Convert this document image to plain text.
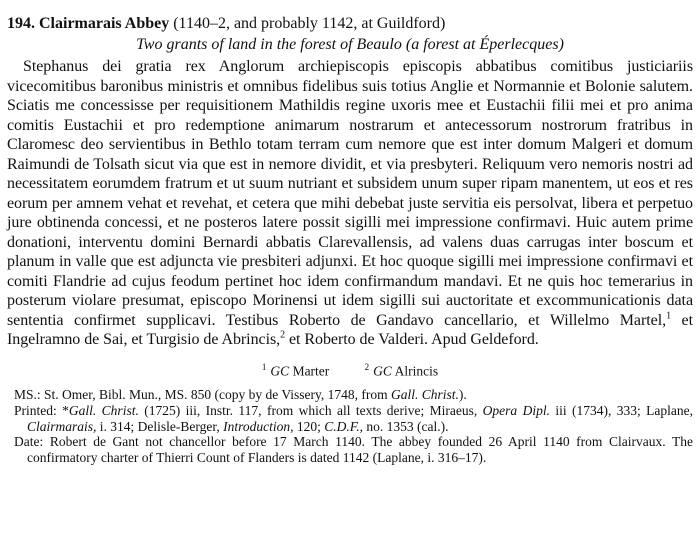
194. Clairmarais Abbey (1140–2, and probably 1142, at Guildford)

Two grants of land in the forest of Beaulo (a forest at Éperlecques)

Stephanus dei gratia rex Anglorum archiepiscopis episcopis abbatibus comitibus justiciariis vicecomitibus baronibus ministris et omnibus fidelibus suis totius Anglie et Normannie et Bolonie salutem. Sciatis me concessisse per requisitionem Mathildis regine uxoris mee et Eustachii filii mei et pro anima comitis Eustachii et pro redemptione animarum nostrarum et antecessorum nostrorum fratribus in Claromesc deo servientibus in Bethlo totam terram cum nemore que est inter domum Malgeri et domum Raimundi de Tolsath sicut via que est in nemore dividit, et via presbyteri. Reliquum vero nemoris nostri ad necessitatem eorumdem fratrum et ut suum nutriant et subsidem unum super ripam manentem, ut eos et res eorum per amnem vehat et revehat, et cetera que mihi debebat juste servitia eis persolvat, libera et perpetuo jure obtinenda concessi, et ne posteros latere possit sigilli mei impressione confirmavi. Huic autem prime donationi, interventu domini Bernardi abbatis Clarevallensis, ad valens duas carrugas inter boscum et planum in valle que est adjuncta vie presbiteri adjunxi. Et hoc quoque sigilli mei impressione confirmavi et comiti Flandrie ad cujus feodum pertinet hoc idem confirmandum mandavi. Et ne quis hoc temerarius in posterum violare presumat, episcopo Morinensi ut idem sigilli sui auctoritate et excommunicationis data sententia confirmet supplicavi. Testibus Roberto de Gandavo cancellario, et Willelmo Martel,$^1$ et Ingelramno de Sai, et Turgisio de Abrincis,$^2$ et Roberto de Valderi. Apud Geldeford.

$^1$ GC Marter	$^2$ GC Alrincis

MS.: St. Omer, Bibl. Mun., MS. 850 (copy by de Vissery, 1748, from Gall. Christ.).

Printed: *Gall. Christ. (1725) iii, Instr. 117, from which all texts derive; Miraeus, Opera Dipl. iii (1734), 333; Laplane, Clairmarais, i. 314; Delisle-Berger, Introduction, 120; C.D.F., no. 1353 (cal.).

Date: Robert de Gant not chancellor before 17 March 1140. The abbey founded 26 April 1140 from Clairvaux. The confirmatory charter of Thierri Count of Flanders is dated 1142 (Laplane, i. 316–17).
